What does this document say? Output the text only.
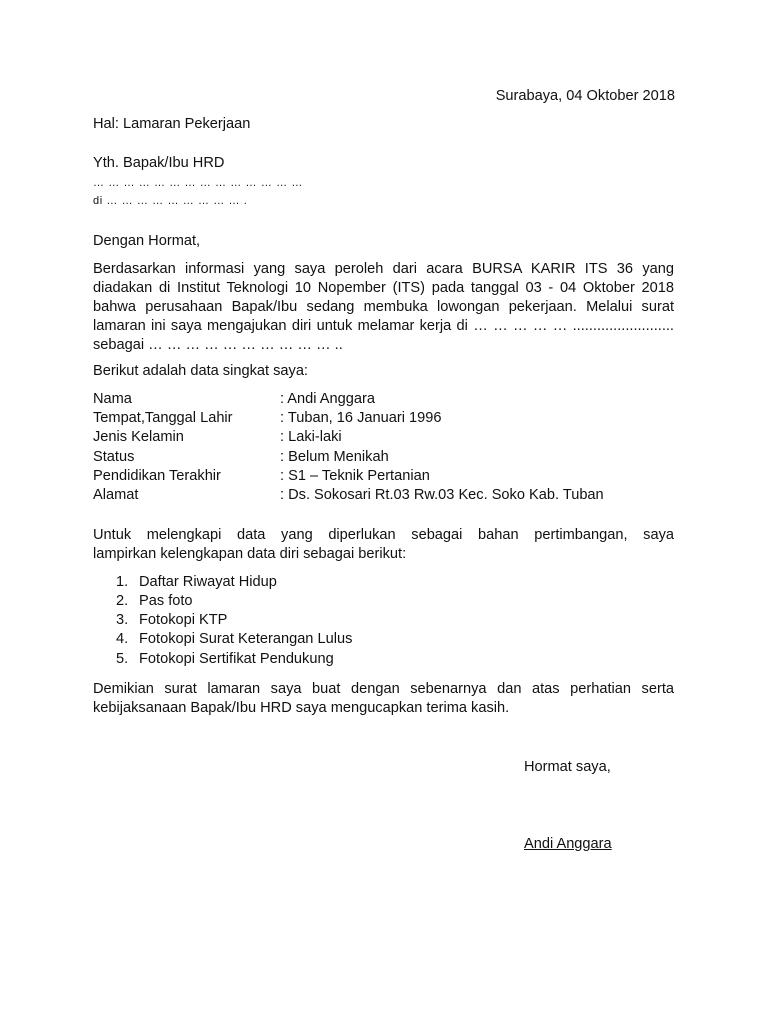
Surabaya, 04 Oktober 2018
Hal: Lamaran Pekerjaan
Yth. Bapak/Ibu HRD
… … … … … … … … … … … … … …
di … … … … … … … … … .
Dengan Hormat,
Berdasarkan informasi yang saya peroleh dari acara BURSA KARIR ITS 36 yang
diadakan di Institut Teknologi 10 Nopember (ITS) pada tanggal 03 - 04 Oktober 2018
bahwa perusahaan Bapak/Ibu sedang membuka lowongan pekerjaan. Melalui surat
lamaran ini saya mengajukan diri untuk melamar kerja di … … … … … .........................
sebagai … … … … … … … … … … ..
Berikut adalah data singkat saya:
Nama	: Andi Anggara
Tempat,Tanggal Lahir	: Tuban, 16 Januari 1996
Jenis Kelamin	: Laki-laki
Status	: Belum Menikah
Pendidikan Terakhir	: S1 – Teknik Pertanian
Alamat	: Ds. Sokosari Rt.03 Rw.03 Kec. Soko Kab. Tuban
Untuk melengkapi data yang diperlukan sebagai bahan pertimbangan, saya
lampirkan kelengkapan data diri sebagai berikut:
1. Daftar Riwayat Hidup
2. Pas foto
3. Fotokopi KTP
4. Fotokopi Surat Keterangan Lulus
5. Fotokopi Sertifikat Pendukung
Demikian surat lamaran saya buat dengan sebenarnya dan atas perhatian serta
kebijaksanaan Bapak/Ibu HRD saya mengucapkan terima kasih.
Hormat saya,
Andi Anggara
